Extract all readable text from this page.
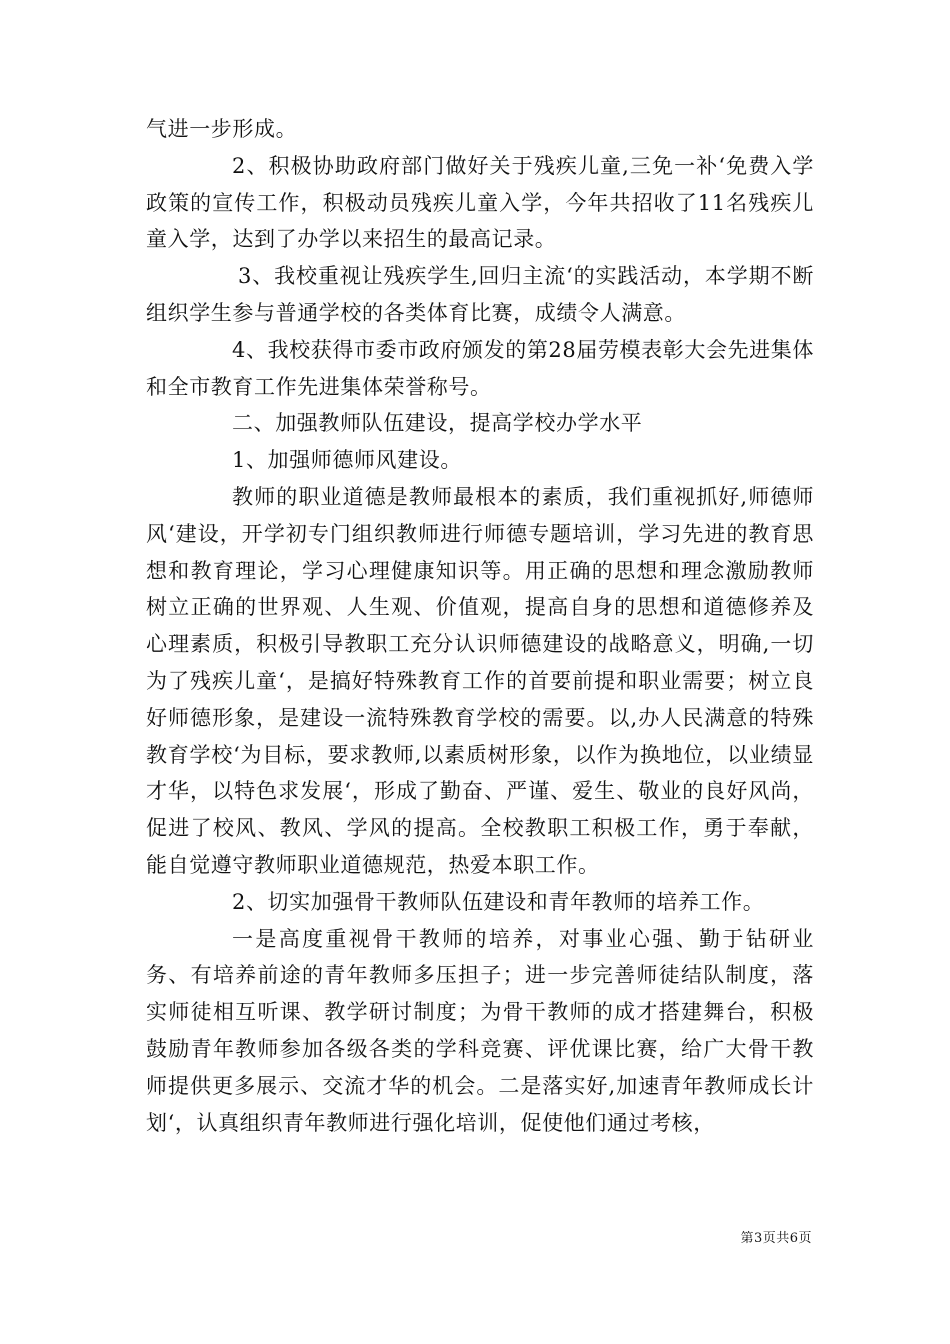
气进一步形成。

2、积极协助政府部门做好关于残疾儿童,三免一补‘免费入学政策的宣传工作，积极动员残疾儿童入学，今年共招收了11名残疾儿童入学，达到了办学以来招生的最高记录。

3、我校重视让残疾学生,回归主流‘的实践活动，本学期不断组织学生参与普通学校的各类体育比赛，成绩令人满意。

4、我校获得市委市政府颁发的第28届劳模表彰大会先进集体和全市教育工作先进集体荣誉称号。

二、加强教师队伍建设，提高学校办学水平

1、加强师德师风建设。

教师的职业道德是教师最根本的素质，我们重视抓好,师德师风‘建设，开学初专门组织教师进行师德专题培训，学习先进的教育思想和教育理论，学习心理健康知识等。用正确的思想和理念激励教师树立正确的世界观、人生观、价值观，提高自身的思想和道德修养及心理素质，积极引导教职工充分认识师德建设的战略意义，明确,一切为了残疾儿童‘，是搞好特殊教育工作的首要前提和职业需要；树立良好师德形象，是建设一流特殊教育学校的需要。以,办人民满意的特殊教育学校‘为目标，要求教师,以素质树形象，以作为换地位，以业绩显才华，以特色求发展‘，形成了勤奋、严谨、爱生、敬业的良好风尚，促进了校风、教风、学风的提高。全校教职工积极工作，勇于奉献，能自觉遵守教师职业道德规范，热爱本职工作。

2、切实加强骨干教师队伍建设和青年教师的培养工作。

一是高度重视骨干教师的培养，对事业心强、勤于钻研业务、有培养前途的青年教师多压担子；进一步完善师徒结队制度，落实师徒相互听课、教学研讨制度；为骨干教师的成才搭建舞台，积极鼓励青年教师参加各级各类的学科竞赛、评优课比赛，给广大骨干教师提供更多展示、交流才华的机会。二是落实好,加速青年教师成长计划‘，认真组织青年教师进行强化培训，促使他们通过考核，

第3页共6页
